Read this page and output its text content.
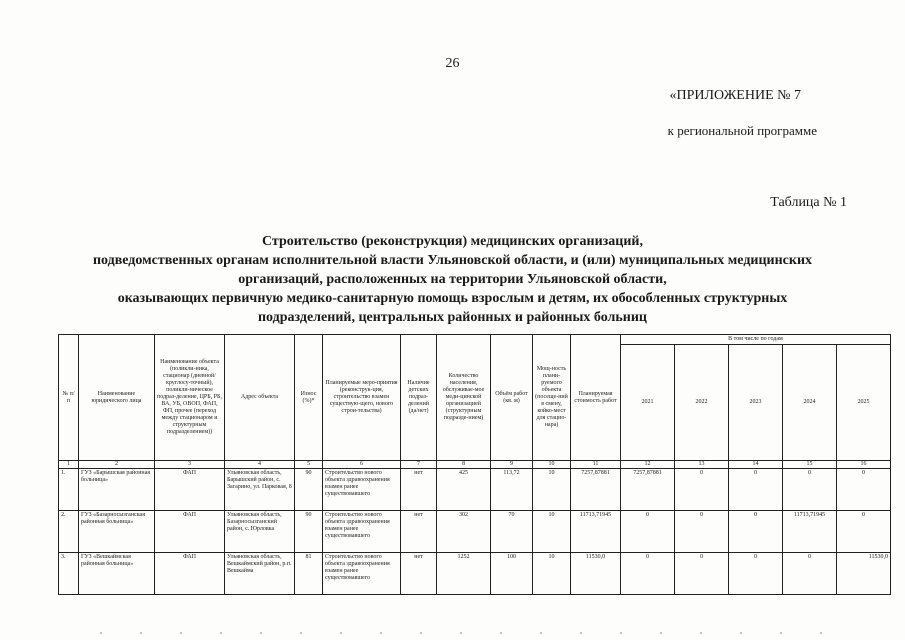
26
«ПРИЛОЖЕНИЕ № 7
к региональной программе
Таблица № 1
Строительство (реконструкция) медицинских организаций,
подведомственных органам исполнительной власти Ульяновской области, и (или) муниципальных медицинских
организаций, расположенных на территории Ульяновской области,
оказывающих первичную медико-санитарную помощь взрослым и детям, их обособленных структурных
подразделений, центральных районных и районных больниц
№ п/п	Наименование юридического лица	Наименование объекта (поликли-ника, стационар (дневной/круглосу-точный), поликли-ническое подраз-деление, ЦРБ, РБ, ВА, УБ, ОВОП, ФАП, ФП, прочее (переход между стационаром и структурным подразделением))	Адрес объекта	Износ (%)*	Планируемые меро-приятия (реконструк-ция, строительство взамен существую-щего, нового строи-тельства)	Наличие детских подраз-делений (да/нет)	Количество населения, обслуживае-мое меди-цинской организацией (структурным подразде-нием)	Объём работ (кв. м)	Мощ-ность плани-руемого объекта (посеще-ний в смену, койко-мест для стацио-нара)	Планируемая стоимость работ	В том числе по годам				
											2021	2022	2023	2024	2025
1	2	3	4	5	6	7	8	9	10	11	12	13	14	15	16
1.	ГУЗ «Барышская районная больница»	ФАП	Ульяновская область, Барышский район, с. Загарино, ул. Парковая, 8	90	Строительство нового объекта здравоохранения взамен ранее существовавшего	нет	425	113,72	10	7257,87881	7257,87881	0	0	0	0
2.	ГУЗ «Базарносызганская районная больница»	ФАП	Ульяновская область, Базарносызганский район, с. Юрловка	90	Строительство нового объекта здравоохранения взамен ранее существовавшего	нет	302	70	10	11713,71945	0	0	0	11713,71945	0
3.	ГУЗ «Вешкаймская районная больница»	ФАП	Ульяновская область, Вешкаймский район, р.п. Вешкайма	81	Строительство нового объекта здравоохранения взамен ранее существовавшего	нет	1252	100	10	11530,0	0	0	0	0	11530,0
